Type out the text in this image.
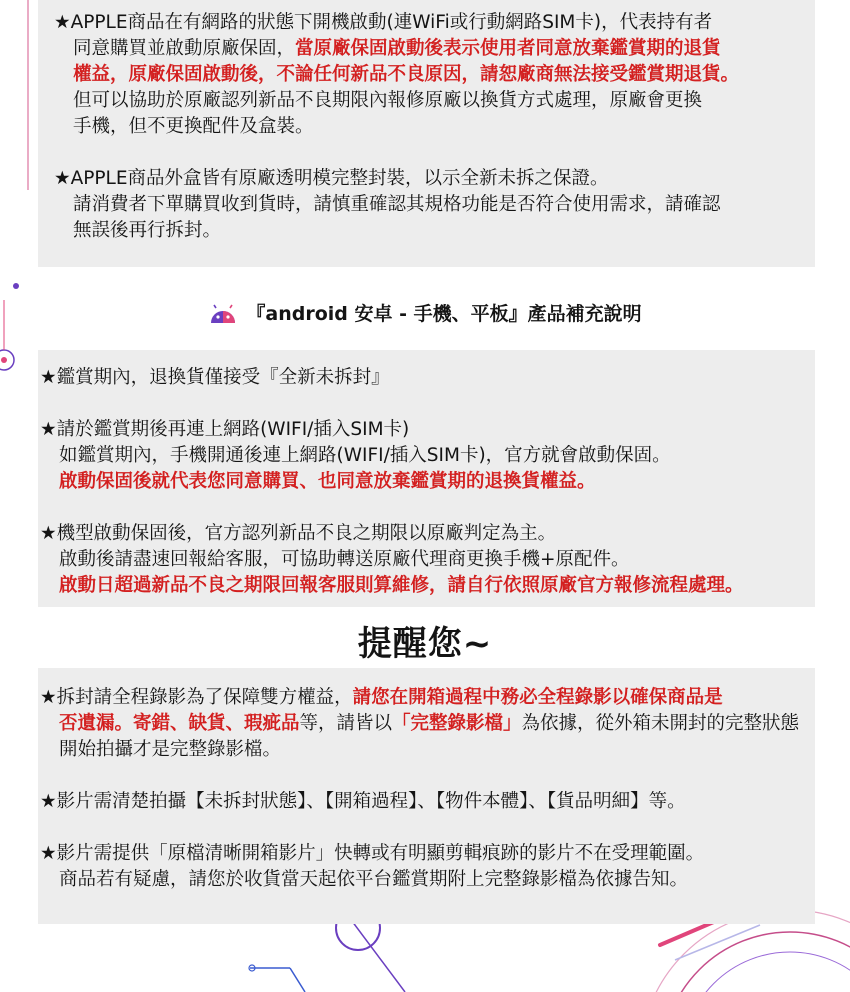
★APPLE商品在有網路的狀態下開機啟動(連WiFi或行動網路SIM卡)，代表持有者
同意購買並啟動原廠保固，當原廠保固啟動後表示使用者同意放棄鑑賞期的退貨
權益，原廠保固啟動後，不論任何新品不良原因，請恕廠商無法接受鑑賞期退貨。
但可以協助於原廠認列新品不良期限內報修原廠以換貨方式處理，原廠會更換
手機，但不更換配件及盒裝。
★APPLE商品外盒皆有原廠透明模完整封裝，以示全新未拆之保證。
請消費者下單購買收到貨時，請慎重確認其規格功能是否符合使用需求，請確認
無誤後再行拆封。
『android 安卓 - 手機、平板』產品補充說明
★鑑賞期內，退換貨僅接受『全新未拆封』
★請於鑑賞期後再連上網路(WIFI/插入SIM卡)
如鑑賞期內，手機開通後連上網路(WIFI/插入SIM卡)，官方就會啟動保固。
啟動保固後就代表您同意購買、也同意放棄鑑賞期的退換貨權益。
★機型啟動保固後，官方認列新品不良之期限以原廠判定為主。
啟動後請盡速回報給客服，可協助轉送原廠代理商更換手機+原配件。
啟動日超過新品不良之期限回報客服則算維修，請自行依照原廠官方報修流程處理。
提醒您~
★拆封請全程錄影為了保障雙方權益，請您在開箱過程中務必全程錄影以確保商品是
否遺漏。寄錯、缺貨、瑕疵品等，請皆以「完整錄影檔」為依據，從外箱未開封的完整狀態
開始拍攝才是完整錄影檔。
★影片需清楚拍攝【未拆封狀態】、【開箱過程】、【物件本體】、【貨品明細】等。
★影片需提供「原檔清晰開箱影片」快轉或有明顯剪輯痕跡的影片不在受理範圍。
商品若有疑慮，請您於收貨當天起依平台鑑賞期附上完整錄影檔為依據告知。
